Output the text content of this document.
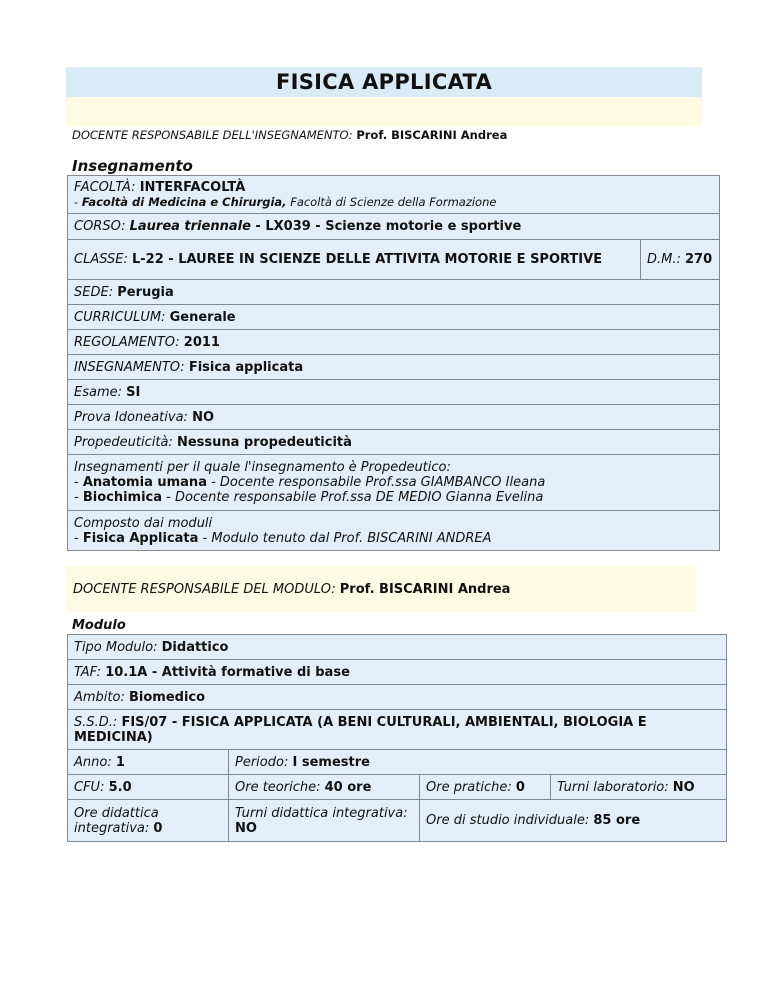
FISICA APPLICATA
DOCENTE RESPONSABILE DELL'INSEGNAMENTO: Prof. BISCARINI Andrea
Insegnamento
FACOLTÀ: INTERFACOLTÀ
- Facoltà di Medicina e Chirurgia, Facoltà di Scienze della Formazione
CORSO: Laurea triennale - LX039 - Scienze motorie e sportive
CLASSE: L-22 - LAUREE IN SCIENZE DELLE ATTIVITA MOTORIE E SPORTIVE	D.M.: 270
SEDE: Perugia
CURRICULUM: Generale
REGOLAMENTO: 2011
INSEGNAMENTO: Fisica applicata
Esame: SI
Prova Idoneativa: NO
Propedeuticità: Nessuna propedeuticità
Insegnamenti per il quale l'insegnamento è Propedeutico:
- Anatomia umana - Docente responsabile Prof.ssa GIAMBANCO Ileana
- Biochimica - Docente responsabile Prof.ssa DE MEDIO Gianna Evelina
Composto dai moduli
- Fisica Applicata - Modulo tenuto dal Prof. BISCARINI ANDREA
DOCENTE RESPONSABILE DEL MODULO: Prof. BISCARINI Andrea
Modulo
Tipo Modulo: Didattico			
TAF: 10.1A - Attività formative di base			
Ambito: Biomedico			
S.S.D.: FIS/07 - FISICA APPLICATA (A BENI CULTURALI, AMBIENTALI, BIOLOGIA E MEDICINA)			
Anno: 1	Periodo: I semestre		
CFU: 5.0	Ore teoriche: 40 ore	Ore pratiche: 0	Turni laboratorio: NO
Ore didattica integrativa: 0	Turni didattica integrativa: NO	Ore di studio individuale: 85 ore	
